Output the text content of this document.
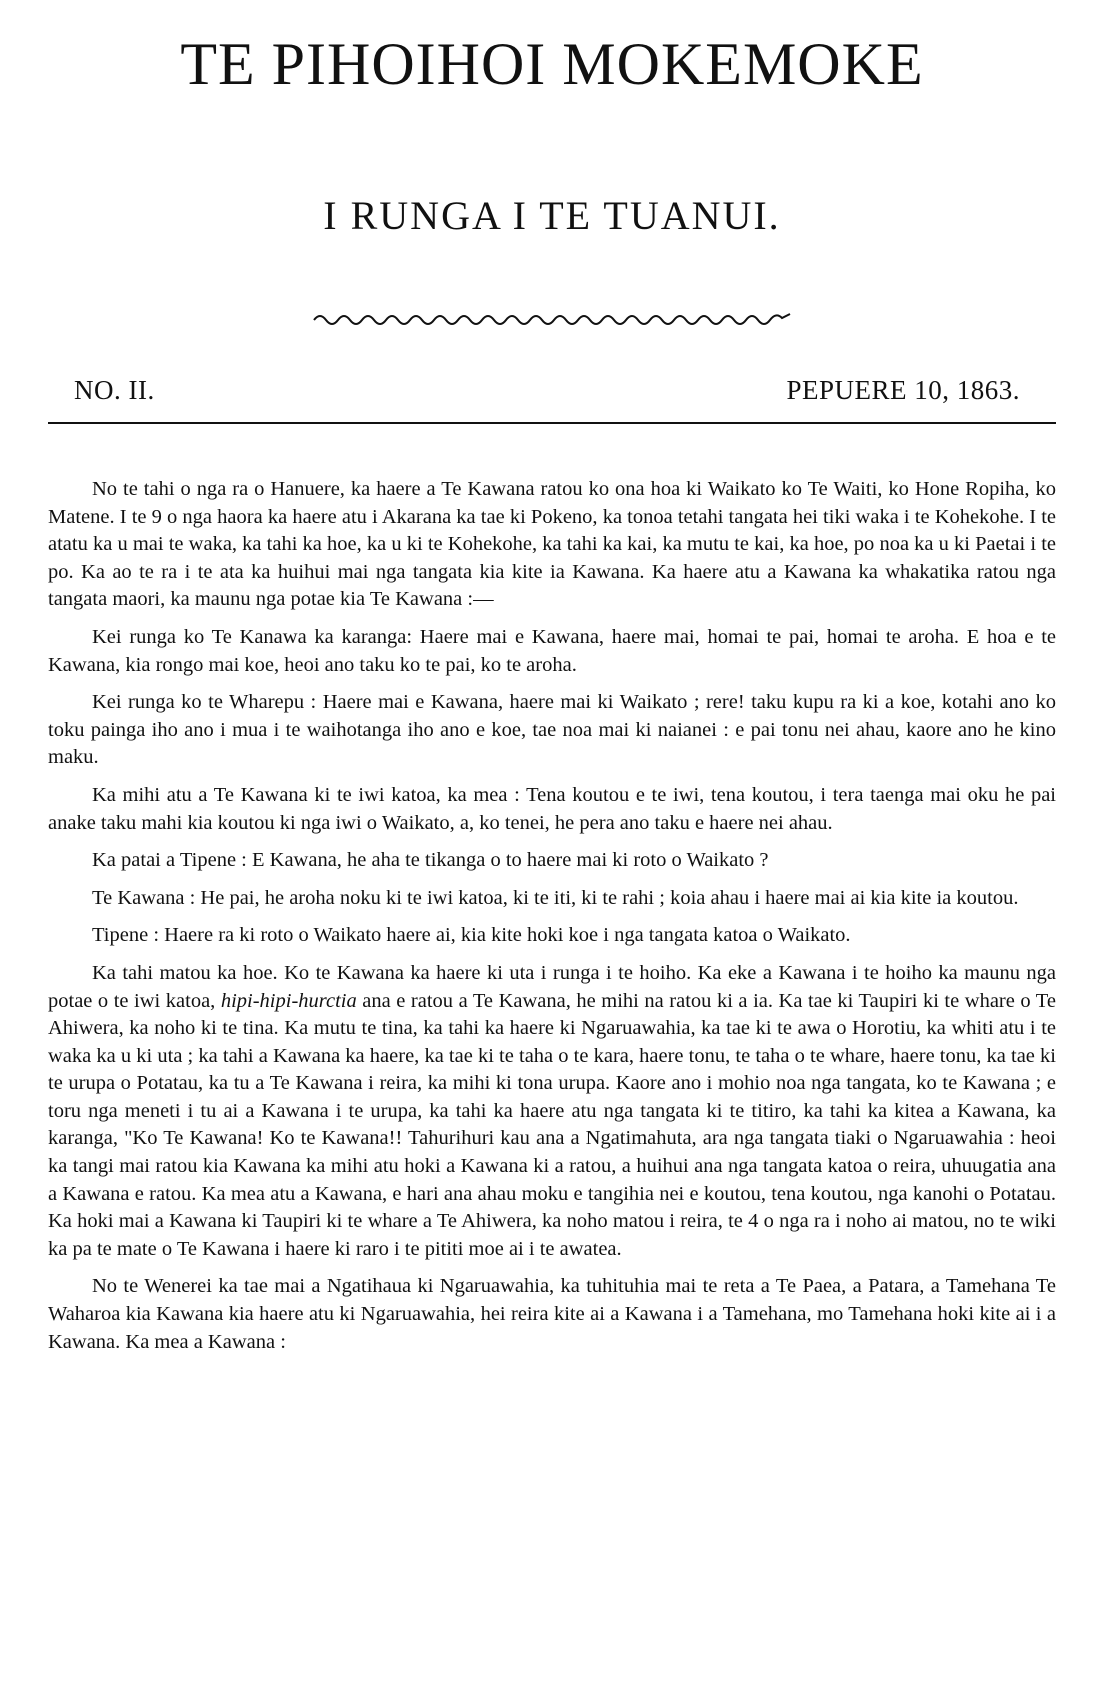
TE PIHOIHOI MOKEMOKE
I RUNGA I TE TUANUI.
NO. II.	PEPUERE 10, 1863.

No te tahi o nga ra o Hanuere, ka haere a Te Kawana ratou ko ona hoa ki Waikato ko Te Waiti, ko Hone Ropiha, ko Matene. I te 9 o nga haora ka haere atu i Akarana ka tae ki Pokeno, ka tonoa tetahi tangata hei tiki waka i te Kohekohe. I te atatu ka u mai te waka, ka tahi ka hoe, ka u ki te Kohekohe, ka tahi ka kai, ka mutu te kai, ka hoe, po noa ka u ki Paetai i te po. Ka ao te ra i te ata ka huihui mai nga tangata kia kite ia Kawana. Ka haere atu a Kawana ka whakatika ratou nga tangata maori, ka maunu nga potae kia Te Kawana :—

Kei runga ko Te Kanawa ka karanga: Haere mai e Kawana, haere mai, homai te pai, homai te aroha. E hoa e te Kawana, kia rongo mai koe, heoi ano taku ko te pai, ko te aroha.

Kei runga ko te Wharepu : Haere mai e Kawana, haere mai ki Waikato ; rere! taku kupu ra ki a koe, kotahi ano ko toku painga iho ano i mua i te waihotanga iho ano e koe, tae noa mai ki naianei : e pai tonu nei ahau, kaore ano he kino maku.

Ka mihi atu a Te Kawana ki te iwi katoa, ka mea : Tena koutou e te iwi, tena koutou, i tera taenga mai oku he pai anake taku mahi kia koutou ki nga iwi o Waikato, a, ko tenei, he pera ano taku e haere nei ahau.

Ka patai a Tipene : E Kawana, he aha te tikanga o to haere mai ki roto o Waikato ?

Te Kawana : He pai, he aroha noku ki te iwi katoa, ki te iti, ki te rahi ; koia ahau i haere mai ai kia kite ia koutou.

Tipene : Haere ra ki roto o Waikato haere ai, kia kite hoki koe i nga tangata katoa o Waikato.

Ka tahi matou ka hoe. Ko te Kawana ka haere ki uta i runga i te hoiho. Ka eke a Kawana i te hoiho ka maunu nga potae o te iwi katoa, hipi-hipi-hurctia ana e ratou a Te Kawana, he mihi na ratou ki a ia. Ka tae ki Taupiri ki te whare o Te Ahiwera, ka noho ki te tina. Ka mutu te tina, ka tahi ka haere ki Ngaruawahia, ka tae ki te awa o Horotiu, ka whiti atu i te waka ka u ki uta ; ka tahi a Kawana ka haere, ka tae ki te taha o te kara, haere tonu, te taha o te whare, haere tonu, ka tae ki te urupa o Potatau, ka tu a Te Kawana i reira, ka mihi ki tona urupa. Kaore ano i mohio noa nga tangata, ko te Kawana ; e toru nga meneti i tu ai a Kawana i te urupa, ka tahi ka haere atu nga tangata ki te titiro, ka tahi ka kitea a Kawana, ka karanga, "Ko Te Kawana! Ko te Kawana!! Tahurihuri kau ana a Ngatimahuta, ara nga tangata tiaki o Ngaruawahia : heoi ka tangi mai ratou kia Kawana ka mihi atu hoki a Kawana ki a ratou, a huihui ana nga tangata katoa o reira, uhuugatia ana a Kawana e ratou. Ka mea atu a Kawana, e hari ana ahau moku e tangihia nei e koutou, tena koutou, nga kanohi o Potatau. Ka hoki mai a Kawana ki Taupiri ki te whare a Te Ahiwera, ka noho matou i reira, te 4 o nga ra i noho ai matou, no te wiki ka pa te mate o Te Kawana i haere ki raro i te pititi moe ai i te awatea.

No te Wenerei ka tae mai a Ngatihaua ki Ngaruawahia, ka tuhituhia mai te reta a Te Paea, a Patara, a Tamehana Te Waharoa kia Kawana kia haere atu ki Ngaruawahia, hei reira kite ai a Kawana i a Tamehana, mo Tamehana hoki kite ai i a Kawana. Ka mea a Kawana :
